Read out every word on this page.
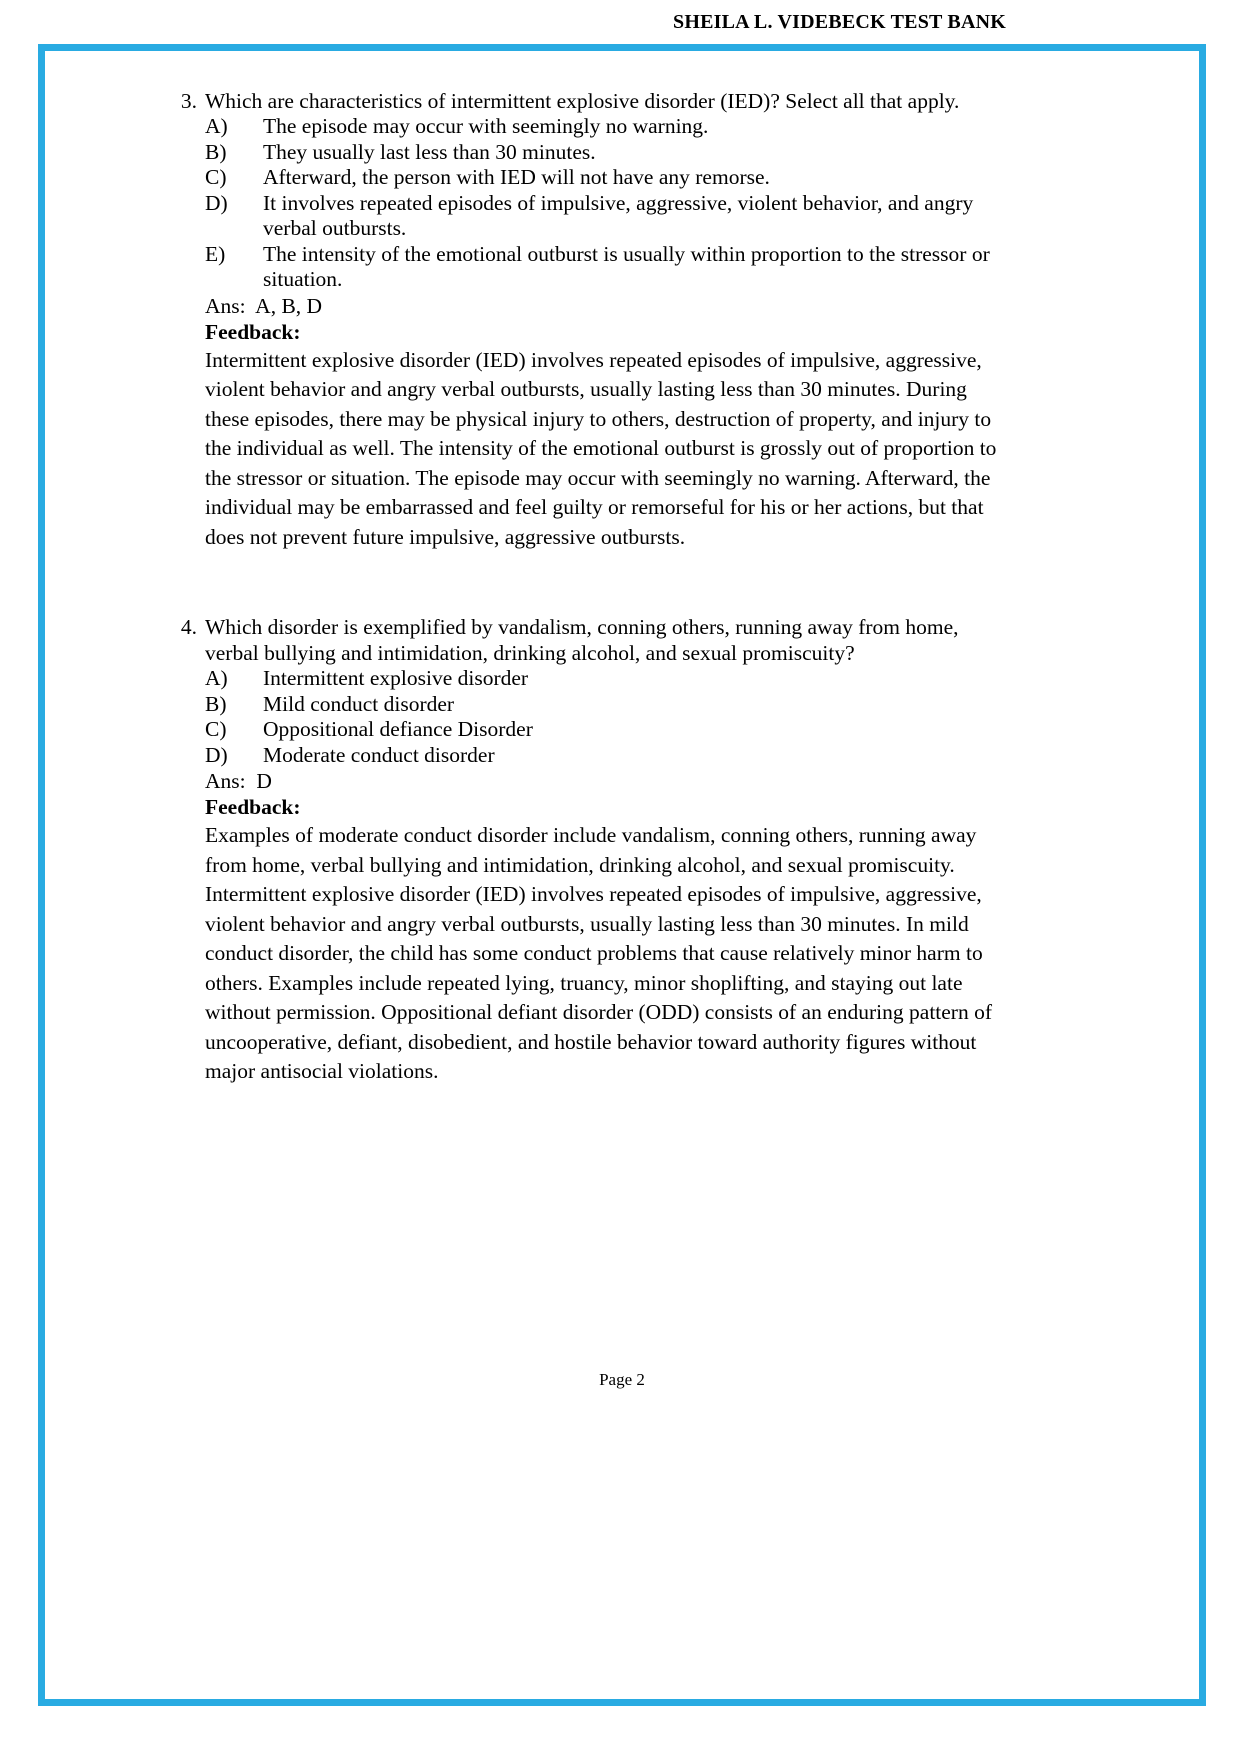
SHEILA L. VIDEBECK TEST BANK
3. Which are characteristics of intermittent explosive disorder (IED)? Select all that apply.
A)	The episode may occur with seemingly no warning.
B)	They usually last less than 30 minutes.
C)	Afterward, the person with IED will not have any remorse.
D)	It involves repeated episodes of impulsive, aggressive, violent behavior, and angry verbal outbursts.
E)	The intensity of the emotional outburst is usually within proportion to the stressor or situation.
Ans:  A, B, D
Feedback:
Intermittent explosive disorder (IED) involves repeated episodes of impulsive, aggressive, violent behavior and angry verbal outbursts, usually lasting less than 30 minutes. During these episodes, there may be physical injury to others, destruction of property, and injury to the individual as well. The intensity of the emotional outburst is grossly out of proportion to the stressor or situation. The episode may occur with seemingly no warning. Afterward, the individual may be embarrassed and feel guilty or remorseful for his or her actions, but that does not prevent future impulsive, aggressive outbursts.
4. Which disorder is exemplified by vandalism, conning others, running away from home, verbal bullying and intimidation, drinking alcohol, and sexual promiscuity?
A)	Intermittent explosive disorder
B)	Mild conduct disorder
C)	Oppositional defiance Disorder
D)	Moderate conduct disorder
Ans:  D
Feedback:
Examples of moderate conduct disorder include vandalism, conning others, running away from home, verbal bullying and intimidation, drinking alcohol, and sexual promiscuity. Intermittent explosive disorder (IED) involves repeated episodes of impulsive, aggressive, violent behavior and angry verbal outbursts, usually lasting less than 30 minutes. In mild conduct disorder, the child has some conduct problems that cause relatively minor harm to others. Examples include repeated lying, truancy, minor shoplifting, and staying out late without permission. Oppositional defiant disorder (ODD) consists of an enduring pattern of uncooperative, defiant, disobedient, and hostile behavior toward authority figures without major antisocial violations.
Page 2
